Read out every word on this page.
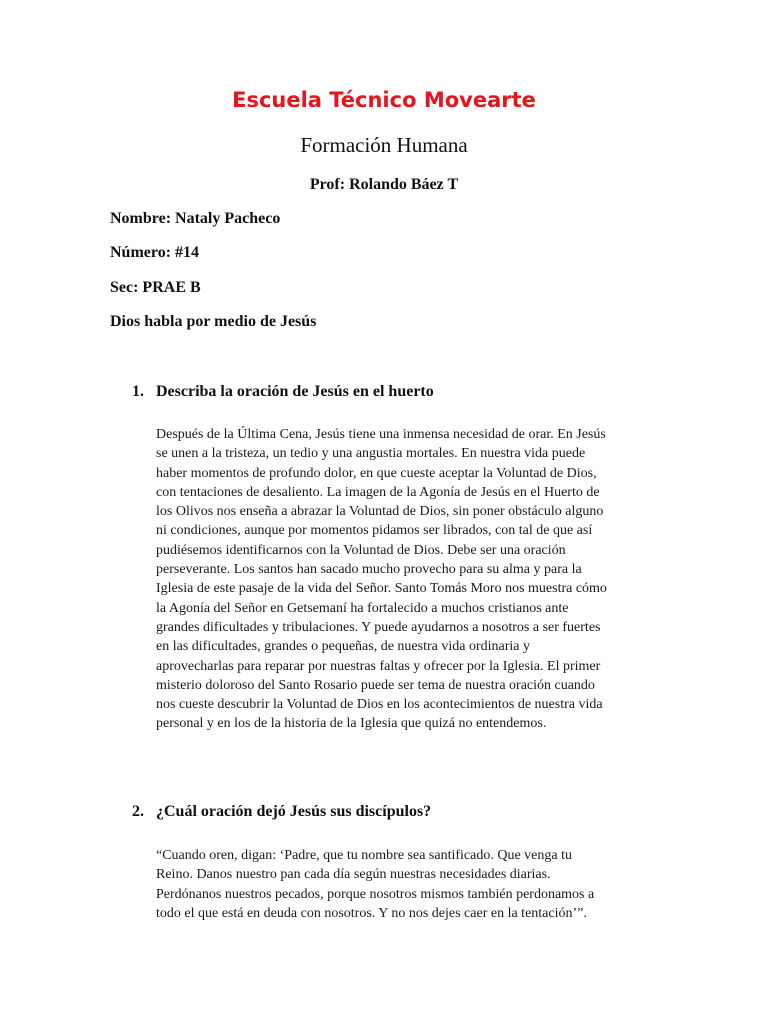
Escuela Técnico Movearte
Formación Humana
Prof: Rolando Báez T
Nombre: Nataly Pacheco
Número: #14
Sec: PRAE B
Dios habla por medio de Jesús
1. Describa la oración de Jesús en el huerto

Después de la Última Cena, Jesús tiene una inmensa necesidad de orar. En Jesús

se unen a la tristeza, un tedio y una angustia mortales. En nuestra vida puede

haber momentos de profundo dolor, en que cueste aceptar la Voluntad de Dios,

con tentaciones de desaliento. La imagen de la Agonía de Jesús en el Huerto de

los Olivos nos enseña a abrazar la Voluntad de Dios, sin poner obstáculo alguno

ni condiciones, aunque por momentos pidamos ser librados, con tal de que así

pudiésemos identificarnos con la Voluntad de Dios. Debe ser una oración

perseverante. Los santos han sacado mucho provecho para su alma y para la

Iglesia de este pasaje de la vida del Señor. Santo Tomás Moro nos muestra cómo

la Agonía del Señor en Getsemaní ha fortalecido a muchos cristianos ante

grandes dificultades y tribulaciones. Y puede ayudarnos a nosotros a ser fuertes

en las dificultades, grandes o pequeñas, de nuestra vida ordinaria y

aprovecharlas para reparar por nuestras faltas y ofrecer por la Iglesia. El primer

misterio doloroso del Santo Rosario puede ser tema de nuestra oración cuando

nos cueste descubrir la Voluntad de Dios en los acontecimientos de nuestra vida

personal y en los de la historia de la Iglesia que quizá no entendemos.

2. ¿Cuál oración dejó Jesús sus discípulos?

“Cuando oren, digan: ‘Padre, que tu nombre sea santificado. Que venga tu

Reino. Danos nuestro pan cada día según nuestras necesidades diarias.

Perdónanos nuestros pecados, porque nosotros mismos también perdonamos a

todo el que está en deuda con nosotros. Y no nos dejes caer en la tentación’”.
